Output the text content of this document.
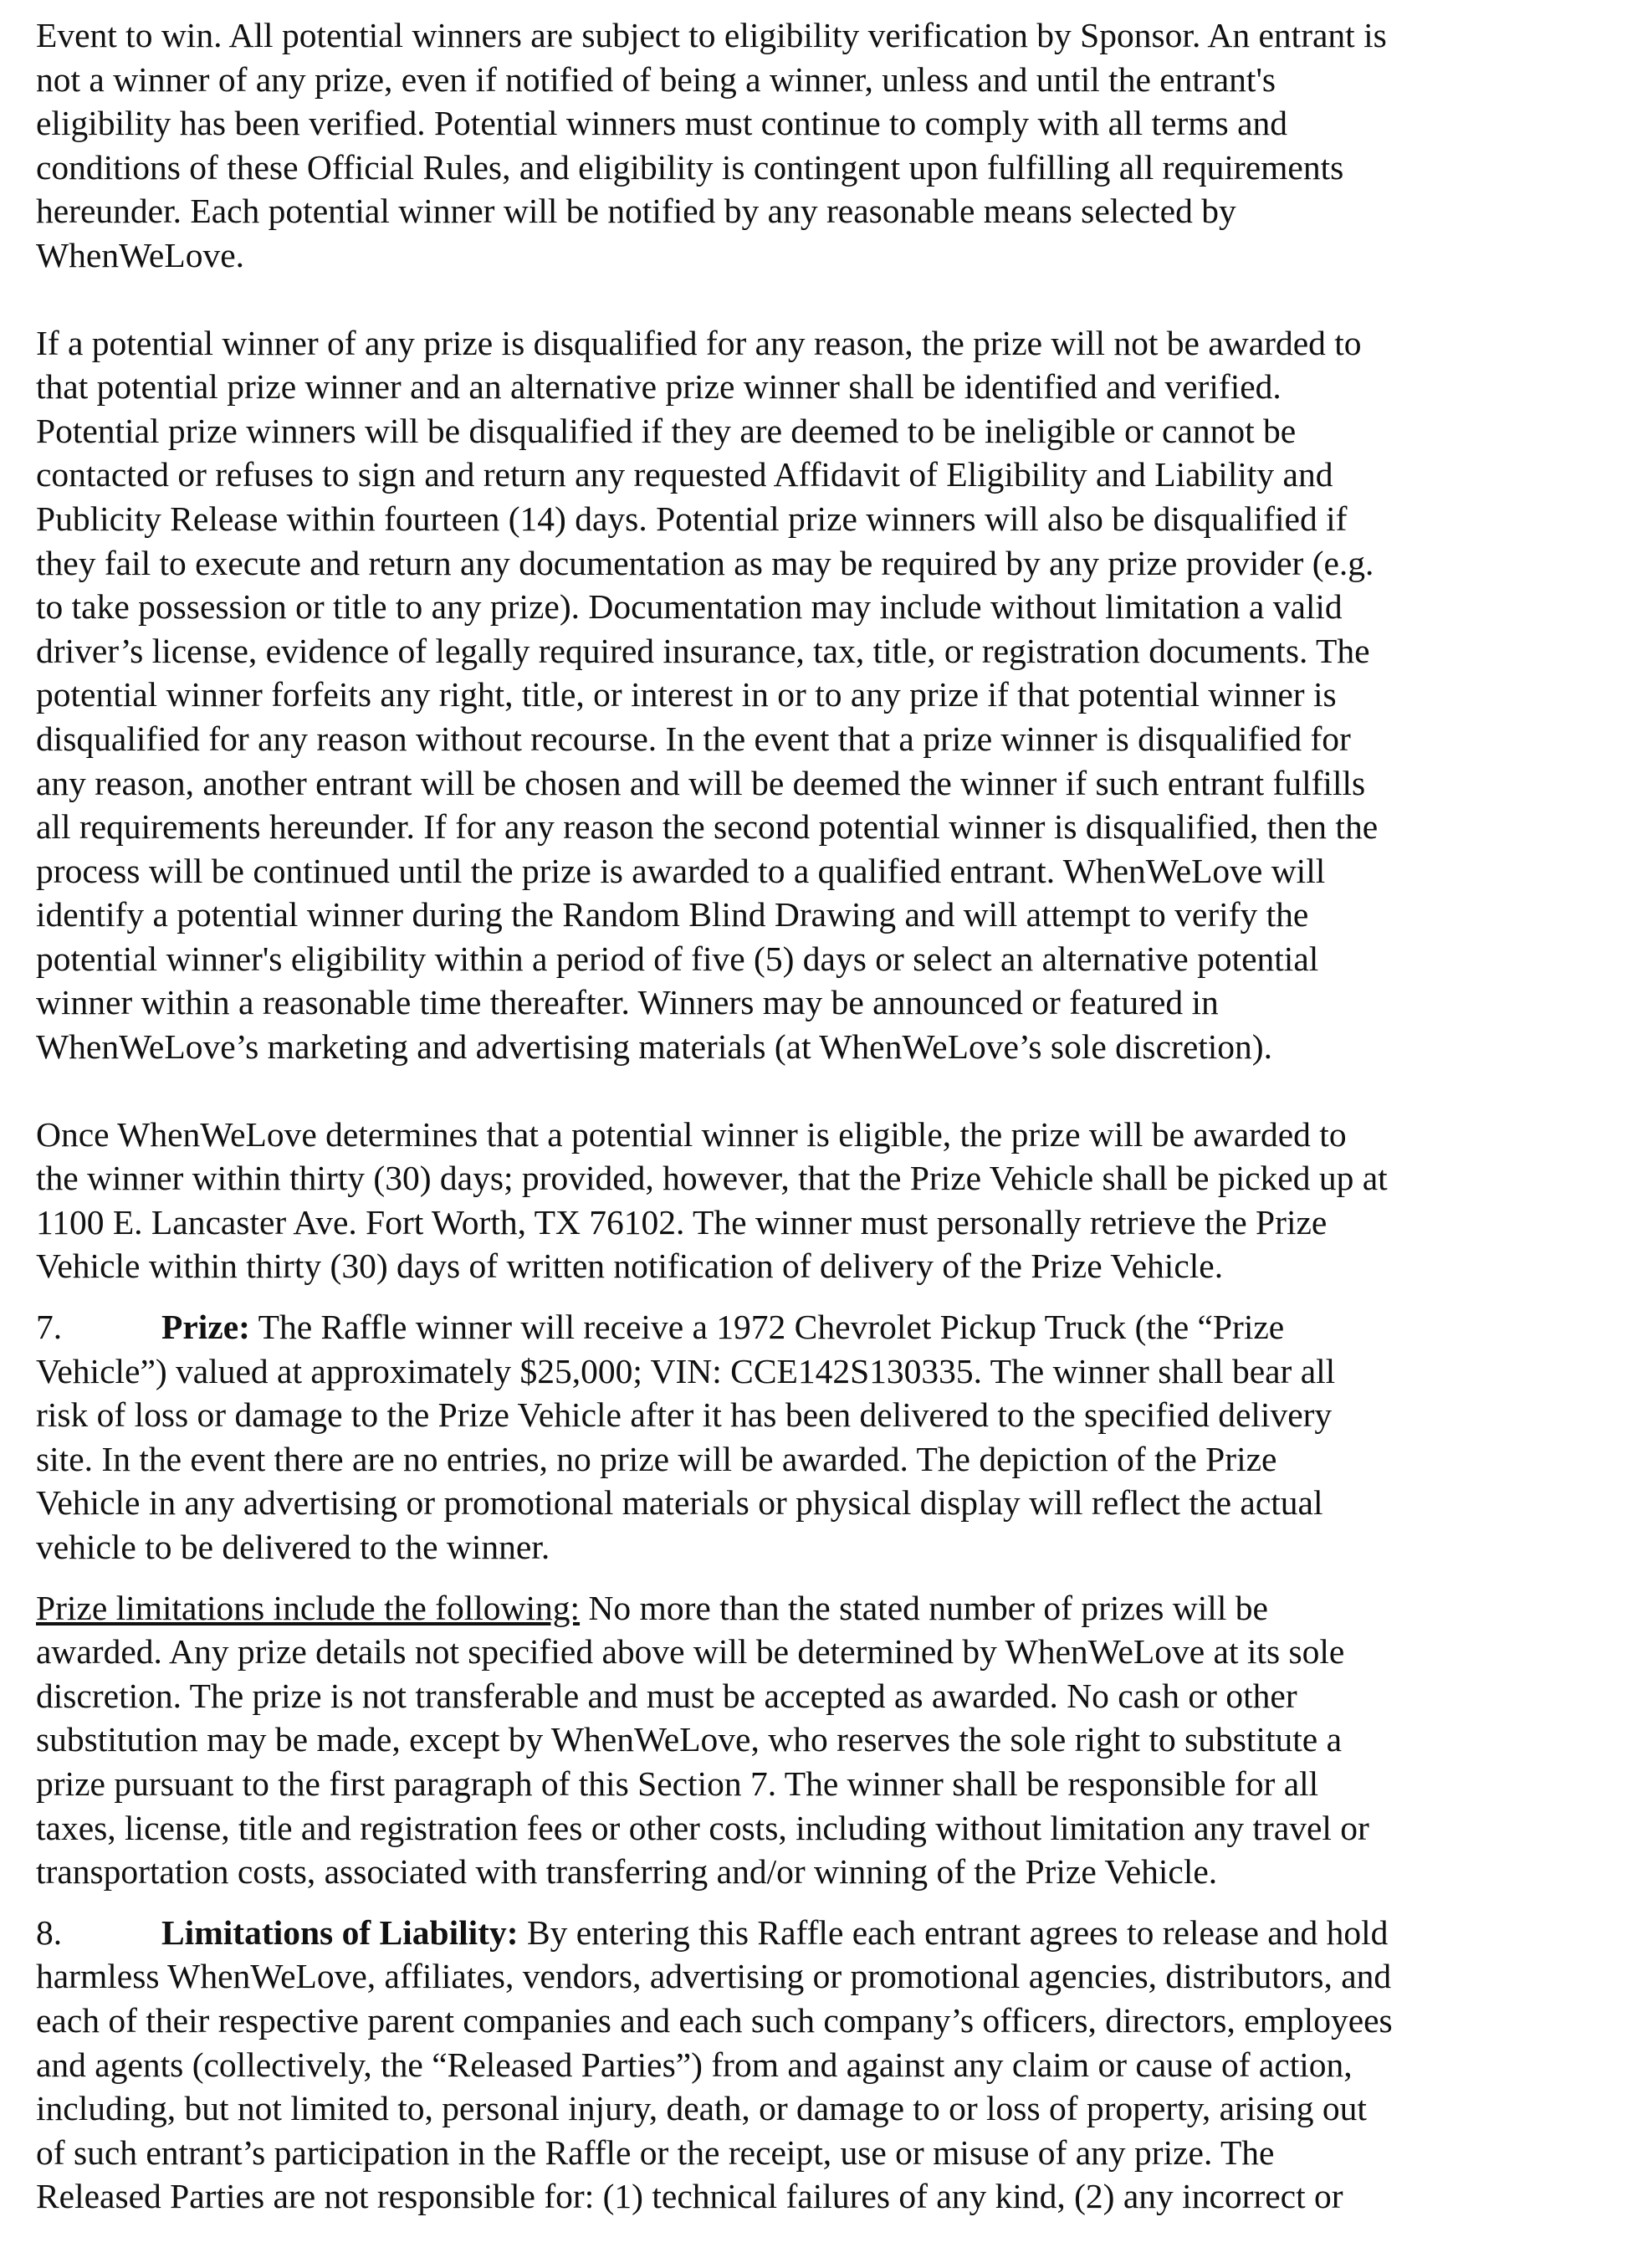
Event to win. All potential winners are subject to eligibility verification by Sponsor. An entrant is
not a winner of any prize, even if notified of being a winner, unless and until the entrant's
eligibility has been verified. Potential winners must continue to comply with all terms and
conditions of these Official Rules, and eligibility is contingent upon fulfilling all requirements
hereunder. Each potential winner will be notified by any reasonable means selected by
WhenWeLove.

If a potential winner of any prize is disqualified for any reason, the prize will not be awarded to
that potential prize winner and an alternative prize winner shall be identified and verified.
Potential prize winners will be disqualified if they are deemed to be ineligible or cannot be
contacted or refuses to sign and return any requested Affidavit of Eligibility and Liability and
Publicity Release within fourteen (14) days. Potential prize winners will also be disqualified if
they fail to execute and return any documentation as may be required by any prize provider (e.g.
to take possession or title to any prize). Documentation may include without limitation a valid
driver’s license, evidence of legally required insurance, tax, title, or registration documents. The
potential winner forfeits any right, title, or interest in or to any prize if that potential winner is
disqualified for any reason without recourse. In the event that a prize winner is disqualified for
any reason, another entrant will be chosen and will be deemed the winner if such entrant fulfills
all requirements hereunder. If for any reason the second potential winner is disqualified, then the
process will be continued until the prize is awarded to a qualified entrant. WhenWeLove will
identify a potential winner during the Random Blind Drawing and will attempt to verify the
potential winner's eligibility within a period of five (5) days or select an alternative potential
winner within a reasonable time thereafter. Winners may be announced or featured in
WhenWeLove’s marketing and advertising materials (at WhenWeLove’s sole discretion).

Once WhenWeLove determines that a potential winner is eligible, the prize will be awarded to
the winner within thirty (30) days; provided, however, that the Prize Vehicle shall be picked up at
1100 E. Lancaster Ave. Fort Worth, TX 76102. The winner must personally retrieve the Prize
Vehicle within thirty (30) days of written notification of delivery of the Prize Vehicle.

7.	Prize: The Raffle winner will receive a 1972 Chevrolet Pickup Truck (the “Prize
Vehicle”) valued at approximately $25,000; VIN: CCE142S130335. The winner shall bear all
risk of loss or damage to the Prize Vehicle after it has been delivered to the specified delivery
site. In the event there are no entries, no prize will be awarded. The depiction of the Prize
Vehicle in any advertising or promotional materials or physical display will reflect the actual
vehicle to be delivered to the winner.

Prize limitations include the following: No more than the stated number of prizes will be
awarded. Any prize details not specified above will be determined by WhenWeLove at its sole
discretion. The prize is not transferable and must be accepted as awarded. No cash or other
substitution may be made, except by WhenWeLove, who reserves the sole right to substitute a
prize pursuant to the first paragraph of this Section 7. The winner shall be responsible for all
taxes, license, title and registration fees or other costs, including without limitation any travel or
transportation costs, associated with transferring and/or winning of the Prize Vehicle.

8.	Limitations of Liability: By entering this Raffle each entrant agrees to release and hold
harmless WhenWeLove, affiliates, vendors, advertising or promotional agencies, distributors, and
each of their respective parent companies and each such company’s officers, directors, employees
and agents (collectively, the “Released Parties”) from and against any claim or cause of action,
including, but not limited to, personal injury, death, or damage to or loss of property, arising out
of such entrant’s participation in the Raffle or the receipt, use or misuse of any prize. The
Released Parties are not responsible for: (1) technical failures of any kind, (2) any incorrect or
